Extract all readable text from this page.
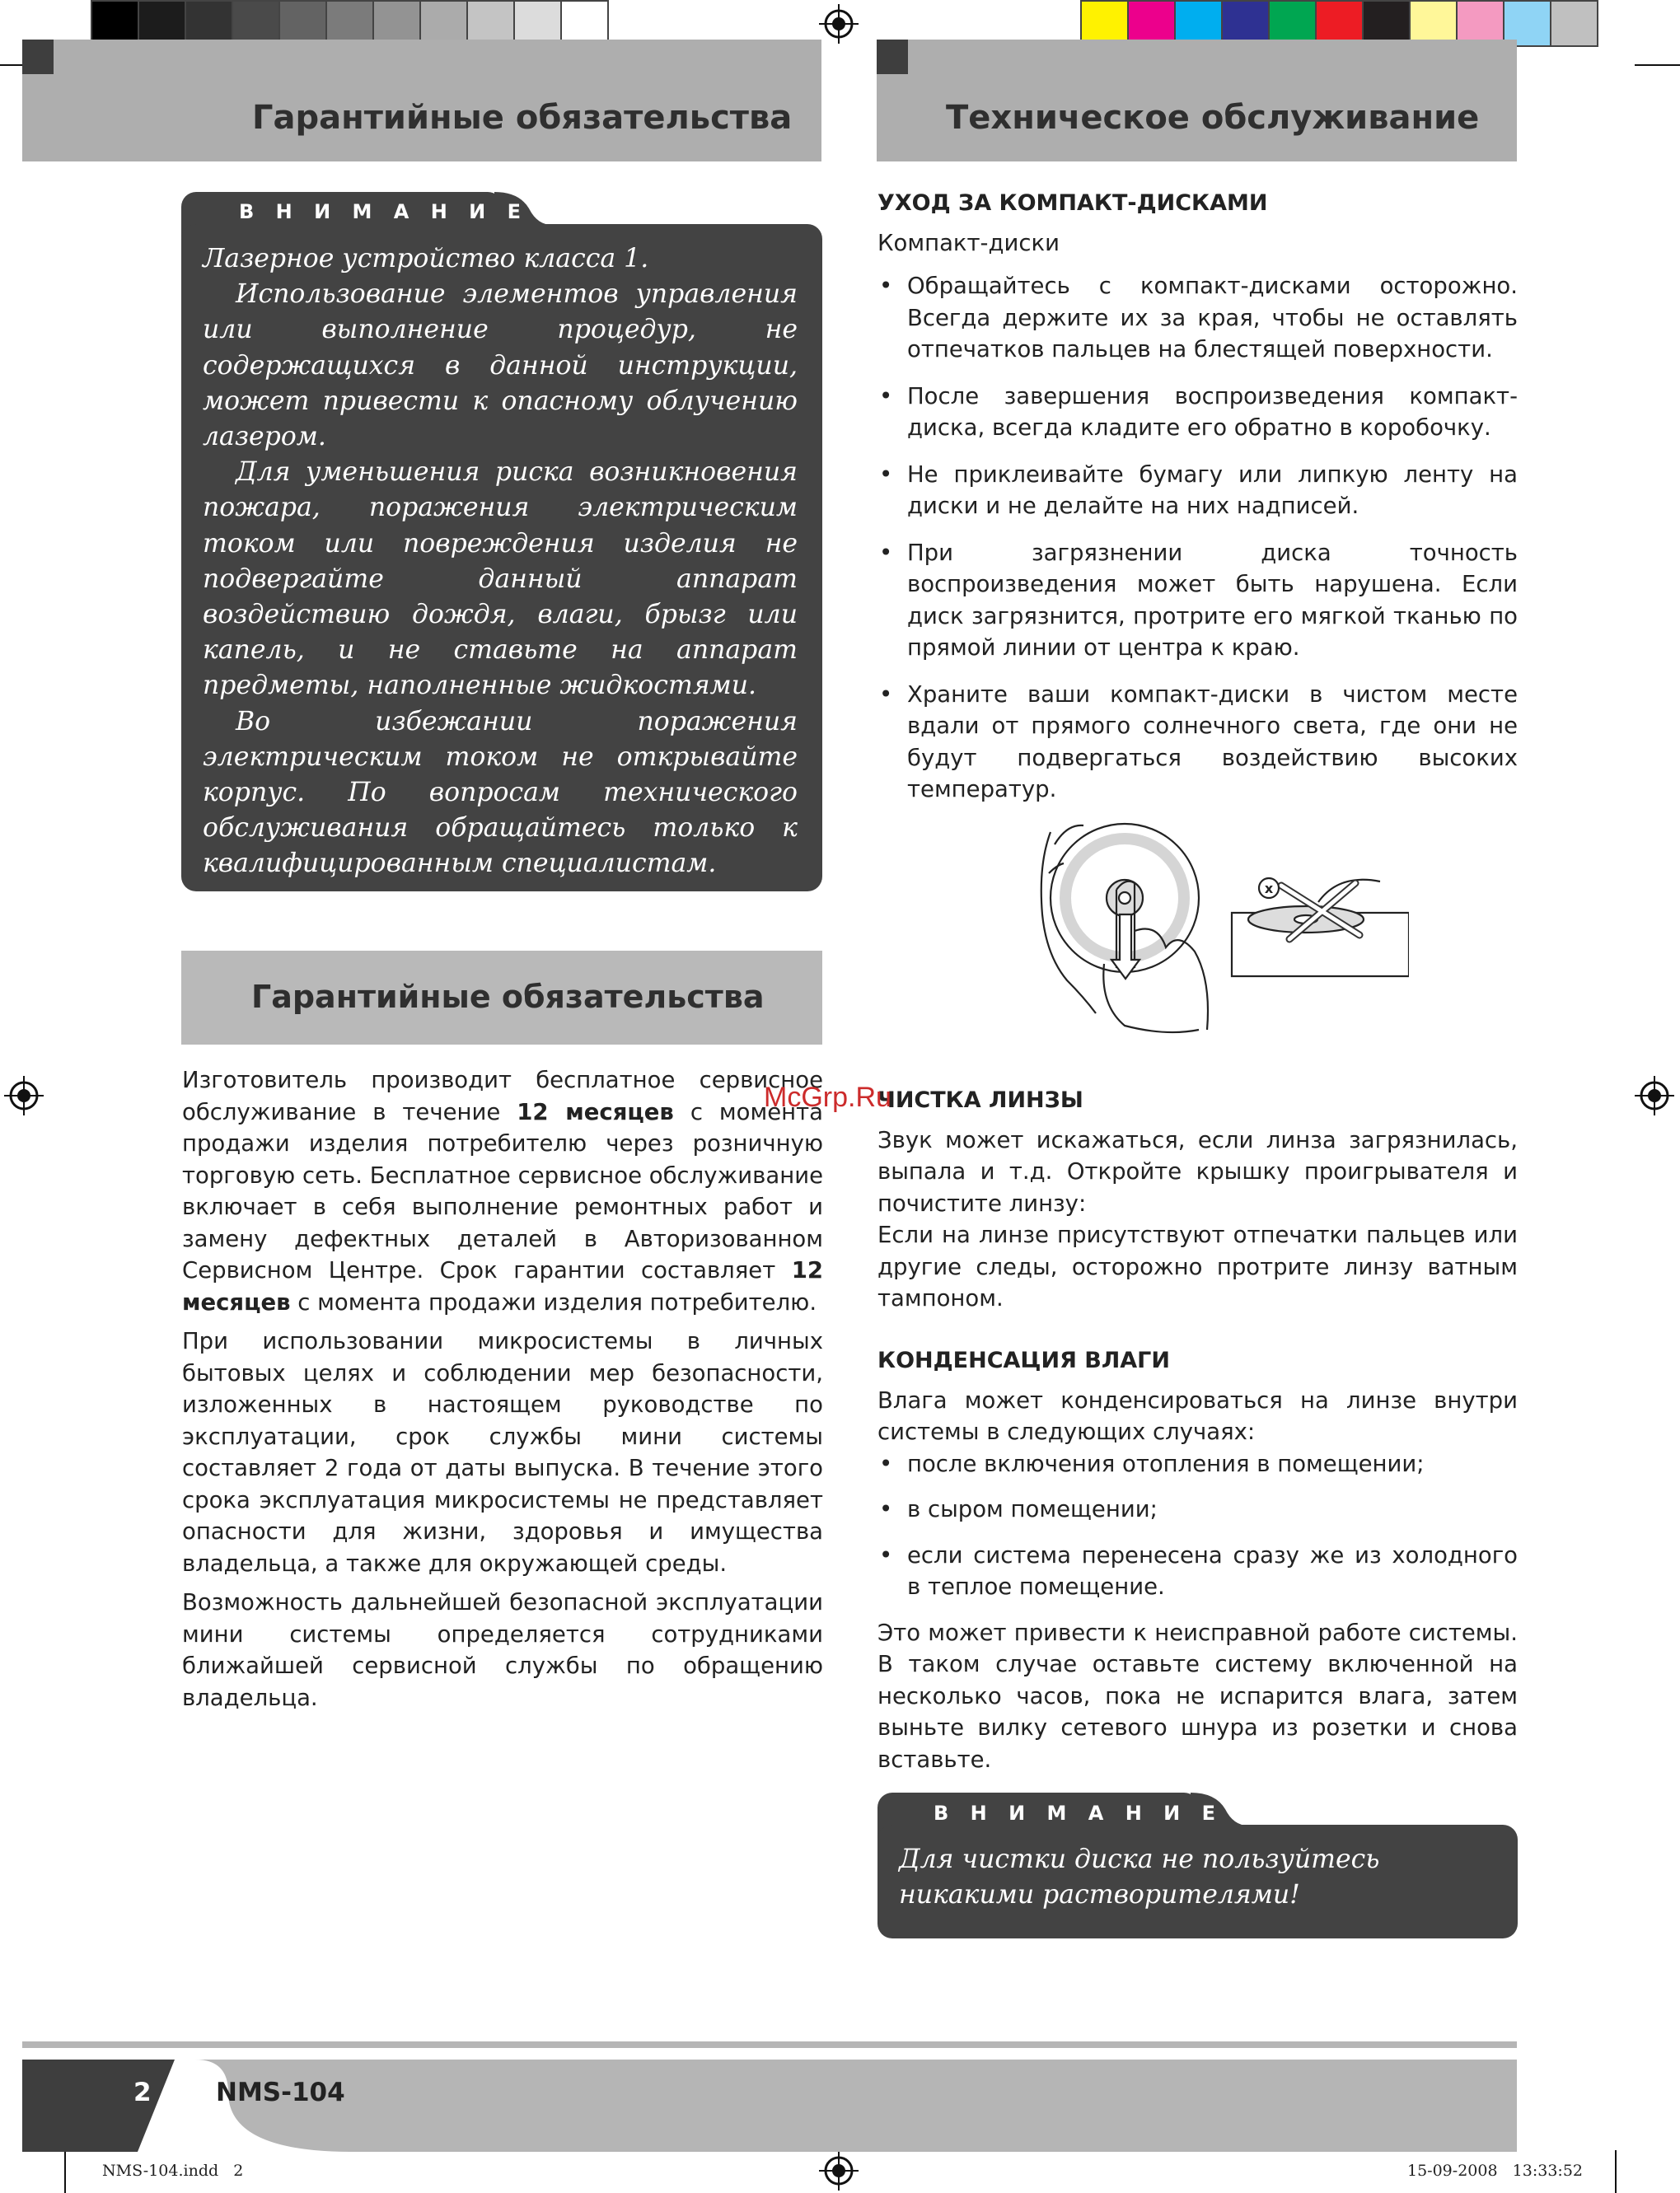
Гарантийные обязательства	Техническое обслуживание
В Н И М А Н И Е !

Лазерное устройство класса 1.

Использование элементов управления или выполнение процедур, не содержащихся в данной инструкции, может привести к опасному облучению лазером.

Для уменьшения риска возникновения пожара, поражения электрическим током или повреждения изделия не подвергайте данный аппарат воздействию дождя, влаги, брызг или капель, и не ставьте на аппарат предметы, наполненные жидкостями.

Во избежании поражения электрическим током не открывайте корпус. По вопросам технического обслуживания обращайтесь только к квалифицированным специалистам.

Гарантийные обязательства

Изготовитель производит бесплатное сервисное обслуживание в течение 12 месяцев с момента продажи изделия потребителю через розничную торговую сеть. Бесплатное сервисное обслуживание включает в себя выполнение ремонтных работ и замену дефектных деталей в Авторизованном Сервисном Центре. Срок гарантии составляет 12 месяцев с момента продажи изделия потребителю.

При использовании микросистемы в личных бытовых целях и соблюдении мер безопасности, изложенных в настоящем руководстве по эксплуатации, срок службы мини системы составляет 2 года от даты выпуска. В течение этого срока эксплуатация микросистемы не представляет опасности для жизни, здоровья и имущества владельца, а также для окружающей среды.

Возможность дальнейшей безопасной эксплуатации мини системы определяется сотрудниками ближайшей сервисной службы по обращению владельца.

УХОД ЗА КОМПАКТ-ДИСКАМИ

Компакт-диски

• Обращайтесь с компакт-дисками осторожно. Всегда держите их за края, чтобы не оставлять отпечатков пальцев на блестящей поверхности.
• После завершения воспроизведения компакт-диска, всегда кладите его обратно в коробочку.
• Не приклеивайте бумагу или липкую ленту на диски и не делайте на них надписей.
• При загрязнении диска точность воспроизведения может быть нарушена. Если диск загрязнится, протрите его мягкой тканью по прямой линии от центра к краю.
• Храните ваши компакт-диски в чистом месте вдали от прямого солнечного света, где они не будут подвергаться воздействию высоких температур.
x

ЧИСТКА ЛИНЗЫ

Звук может искажаться, если линза загрязнилась, выпала и т.д. Откройте крышку проигрывателя и почистите линзу:

Если на линзе присутствуют отпечатки пальцев или другие следы, осторожно протрите линзу ватным тампоном.

McGrp.Ru

КОНДЕНСАЦИЯ ВЛАГИ

Влага может конденсироваться на линзе внутри системы в следующих случаях:

• после включения отопления в помещении;
• в сыром помещении;
• если система перенесена сразу же из холодного в теплое помещение.

Это может привести к неисправной работе системы. В таком случае оставьте систему включенной на несколько часов, пока не испарится влага, затем выньте вилку сетевого шнура из розетки и снова вставьте.

В Н И М А Н И Е !
Для чистки диска не пользуйтесь никакими растворителями!
2	NMS-104
NMS-104.indd   2	15-09-2008   13:33:52
